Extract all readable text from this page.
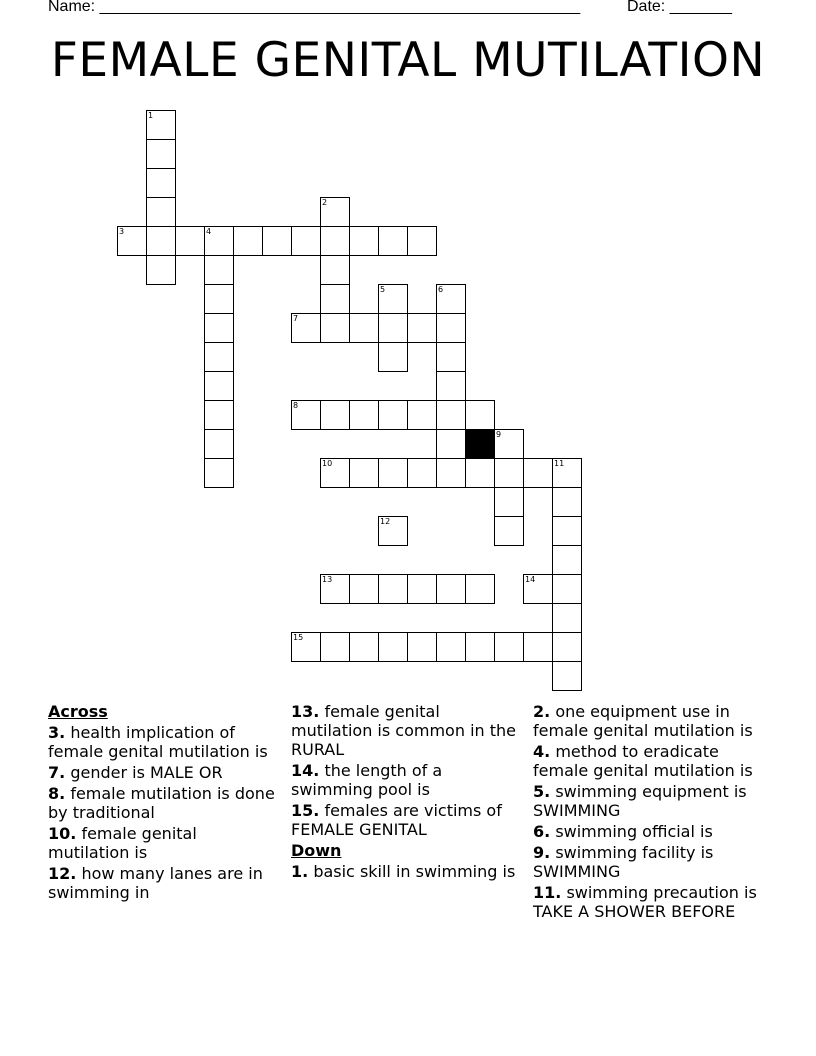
Name: ______________________________________________________	Date: _______
FEMALE GENITAL MUTILATION
1
2
3	4
5	6
7
8
9
10	11
12
13	14
15
Across
3. health implication of female genital mutilation is
7. gender is MALE OR
8. female mutilation is done by traditional
10. female genital mutilation is
12. how many lanes are in swimming in
13. female genital mutilation is common in the RURAL
14. the length of a swimming pool is
15. females are victims of FEMALE GENITAL
Down
1. basic skill in swimming is
2. one equipment use in female genital mutilation is
4. method to eradicate female genital mutilation is
5. swimming equipment is SWIMMING
6. swimming official is
9. swimming facility is SWIMMING
11. swimming precaution is TAKE A SHOWER BEFORE
